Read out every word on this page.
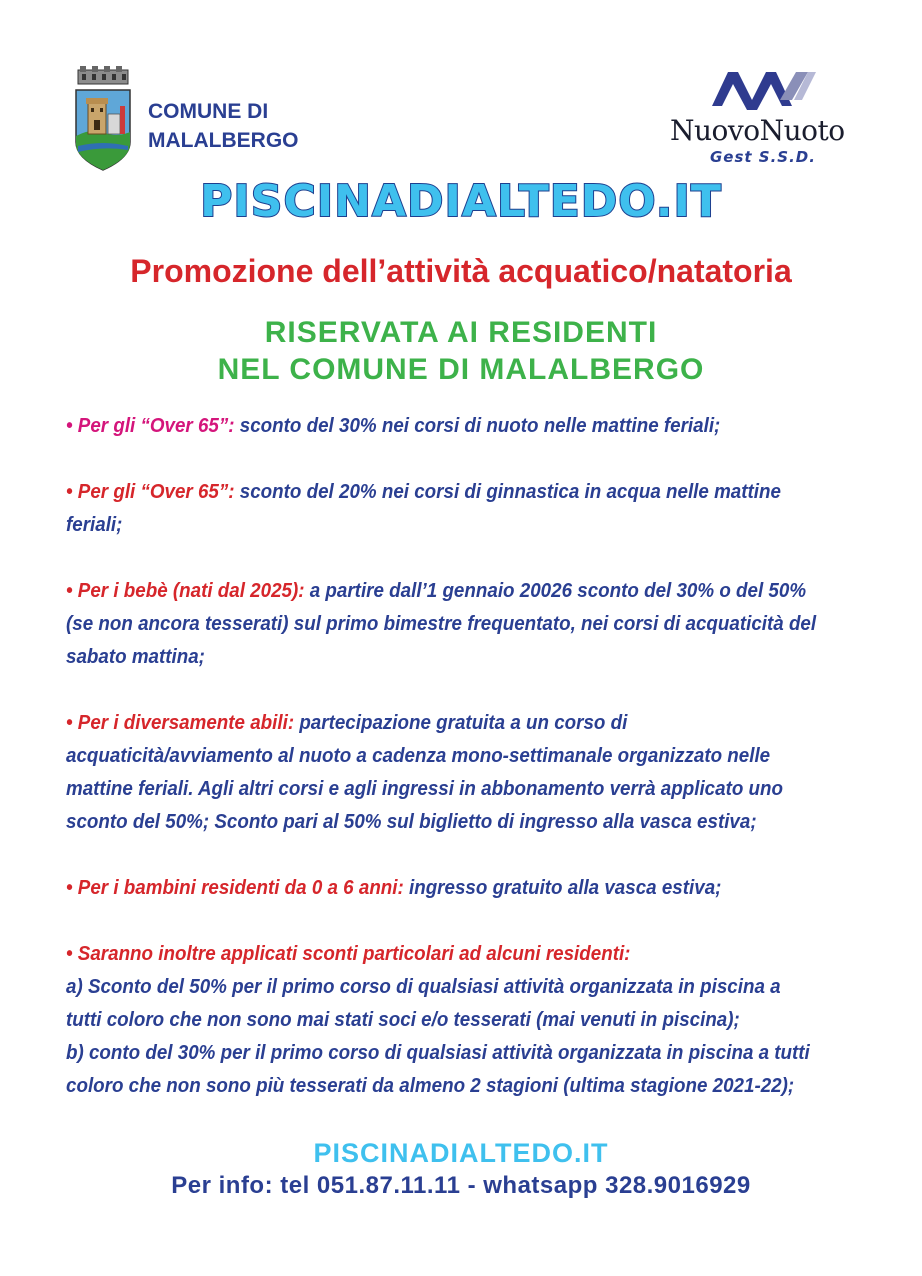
COMUNE DI
MALALBERGO	NuovoNuoto
Gest S.S.D.
PISCINADIALTEDO.IT
Promozione dell’attività acquatico/natatoria
RISERVATA AI RESIDENTI
NEL COMUNE DI MALALBERGO
• Per gli “Over 65”: sconto del 30% nei corsi di nuoto nelle mattine feriali;
• Per gli “Over 65”: sconto del 20% nei corsi di ginnastica in acqua nelle mattine feriali;
• Per i bebè (nati dal 2025): a partire dall’1 gennaio 20026 sconto del 30% o del 50% (se non ancora tesserati) sul primo bimestre frequentato, nei corsi di acquaticità del sabato mattina;
• Per i diversamente abili: partecipazione gratuita a un corso di acquaticità/avviamento al nuoto a cadenza mono-settimanale organizzato nelle mattine feriali. Agli altri corsi e agli ingressi in abbonamento verrà applicato uno sconto del 50%; Sconto pari al 50% sul biglietto di ingresso alla vasca estiva;
• Per i bambini residenti da 0 a 6 anni: ingresso gratuito alla vasca estiva;
• Saranno inoltre applicati sconti particolari ad alcuni residenti:
a) Sconto del 50% per il primo corso di qualsiasi attività organizzata in piscina a tutti coloro che non sono mai stati soci e/o tesserati (mai venuti in piscina);
b) conto del 30% per il primo corso di qualsiasi attività organizzata in piscina a tutti coloro che non sono più tesserati da almeno 2 stagioni (ultima stagione 2021-22);
PISCINADIALTEDO.IT
Per info: tel 051.87.11.11 - whatsapp 328.9016929
